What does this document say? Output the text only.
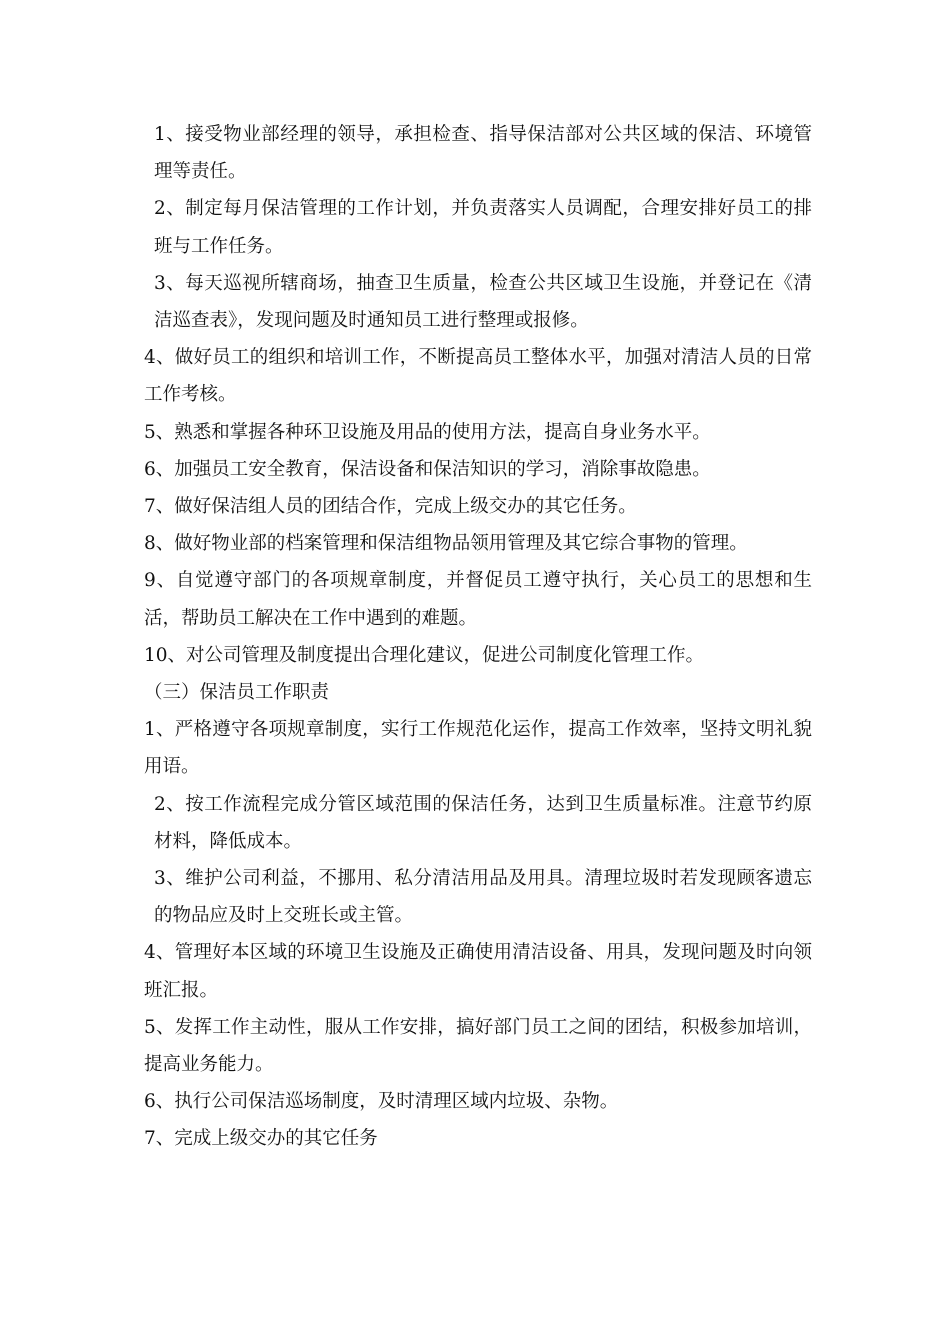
1、接受物业部经理的领导，承担检查、指导保洁部对公共区域的保洁、环境管理等责任。

2、制定每月保洁管理的工作计划，并负责落实人员调配，合理安排好员工的排班与工作任务。

3、每天巡视所辖商场，抽查卫生质量，检查公共区域卫生设施，并登记在《清洁巡查表》，发现问题及时通知员工进行整理或报修。

4、做好员工的组织和培训工作，不断提高员工整体水平，加强对清洁人员的日常工作考核。

5、熟悉和掌握各种环卫设施及用品的使用方法，提高自身业务水平。

6、加强员工安全教育，保洁设备和保洁知识的学习，消除事故隐患。

7、做好保洁组人员的团结合作，完成上级交办的其它任务。

8、做好物业部的档案管理和保洁组物品领用管理及其它综合事物的管理。

9、自觉遵守部门的各项规章制度，并督促员工遵守执行，关心员工的思想和生活，帮助员工解决在工作中遇到的难题。

10、对公司管理及制度提出合理化建议，促进公司制度化管理工作。

（三）保洁员工作职责

1、严格遵守各项规章制度，实行工作规范化运作，提高工作效率，坚持文明礼貌用语。

2、按工作流程完成分管区域范围的保洁任务，达到卫生质量标准。注意节约原材料，降低成本。

3、维护公司利益，不挪用、私分清洁用品及用具。清理垃圾时若发现顾客遗忘的物品应及时上交班长或主管。

4、管理好本区域的环境卫生设施及正确使用清洁设备、用具，发现问题及时向领班汇报。

5、发挥工作主动性，服从工作安排，搞好部门员工之间的团结，积极参加培训，提高业务能力。

6、执行公司保洁巡场制度，及时清理区域内垃圾、杂物。

7、完成上级交办的其它任务
